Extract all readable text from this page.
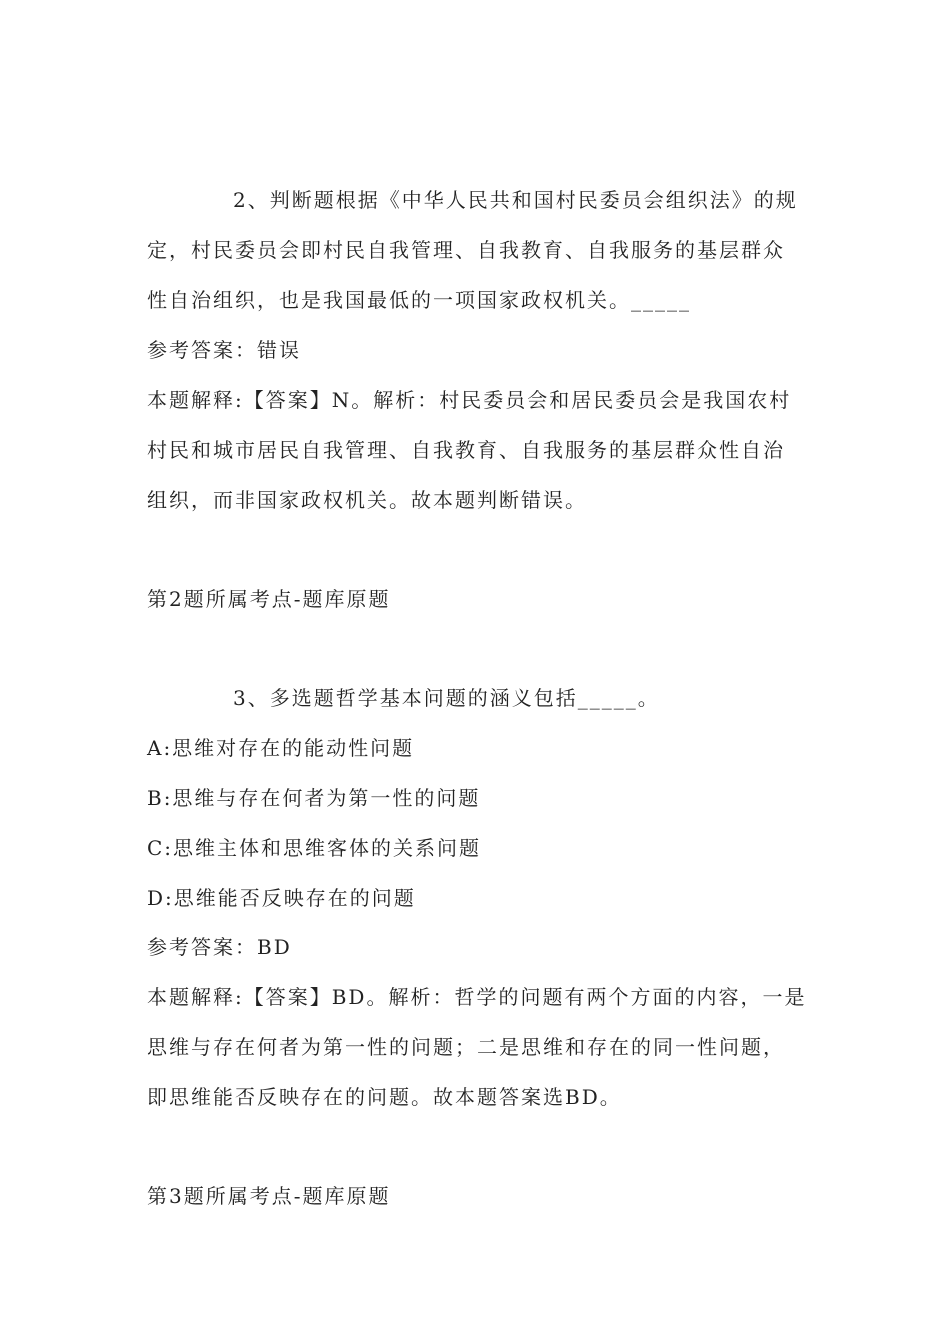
2、判断题根据《中华人民共和国村民委员会组织法》的规
定，村民委员会即村民自我管理、自我教育、自我服务的基层群众
性自治组织，也是我国最低的一项国家政权机关。_____
参考答案：错误
本题解释:【答案】N。解析：村民委员会和居民委员会是我国农村
村民和城市居民自我管理、自我教育、自我服务的基层群众性自治
组织，而非国家政权机关。故本题判断错误。
第2题所属考点-题库原题
3、多选题哲学基本问题的涵义包括_____。
A:思维对存在的能动性问题
B:思维与存在何者为第一性的问题
C:思维主体和思维客体的关系问题
D:思维能否反映存在的问题
参考答案：BD
本题解释:【答案】BD。解析：哲学的问题有两个方面的内容，一是
思维与存在何者为第一性的问题；二是思维和存在的同一性问题，
即思维能否反映存在的问题。故本题答案选BD。
第3题所属考点-题库原题
